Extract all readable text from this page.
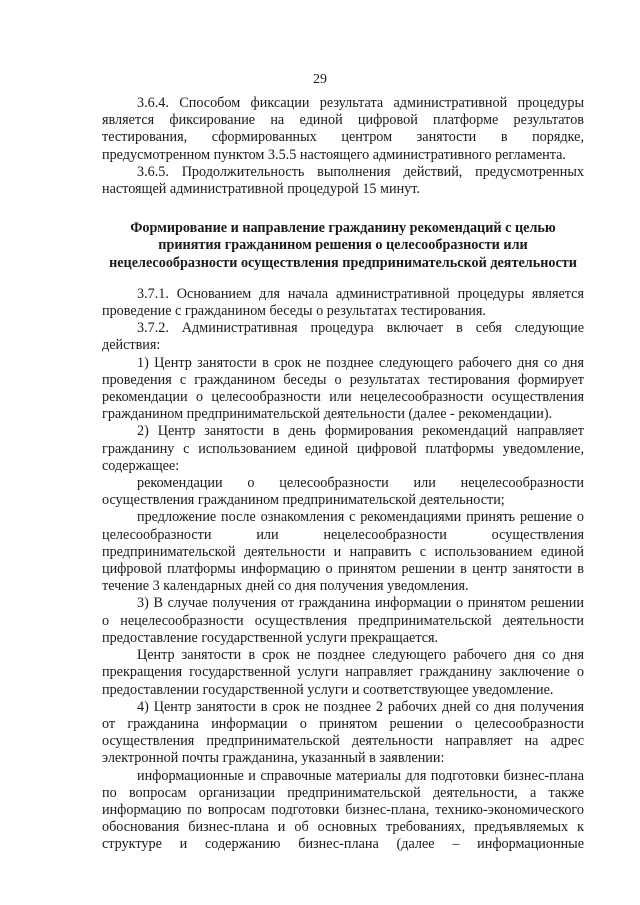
29

3.6.4. Способом фиксации результата административной процедуры является фиксирование на единой цифровой платформе результатов тестирования, сформированных центром занятости в порядке, предусмотренном пунктом 3.5.5 настоящего административного регламента.

3.6.5. Продолжительность выполнения действий, предусмотренных настоящей административной процедурой 15 минут.

Формирование и направление гражданину рекомендаций с целью принятия гражданином решения о целесообразности или нецелесообразности осуществления предпринимательской деятельности

3.7.1. Основанием для начала административной процедуры является проведение с гражданином беседы о результатах тестирования.

3.7.2. Административная процедура включает в себя следующие действия:

1) Центр занятости в срок не позднее следующего рабочего дня со дня проведения с гражданином беседы о результатах тестирования формирует рекомендации о целесообразности или нецелесообразности осуществления гражданином предпринимательской деятельности (далее - рекомендации).

2) Центр занятости в день формирования рекомендаций направляет гражданину с использованием единой цифровой платформы уведомление, содержащее:

рекомендации о целесообразности или нецелесообразности осуществления гражданином предпринимательской деятельности;

предложение после ознакомления с рекомендациями принять решение о целесообразности или нецелесообразности осуществления предпринимательской деятельности и направить с использованием единой цифровой платформы информацию о принятом решении в центр занятости в течение 3 календарных дней со дня получения уведомления.

3) В случае получения от гражданина информации о принятом решении о нецелесообразности осуществления предпринимательской деятельности предоставление государственной услуги прекращается.

Центр занятости в срок не позднее следующего рабочего дня со дня прекращения государственной услуги направляет гражданину заключение о предоставлении государственной услуги и соответствующее уведомление.

4) Центр занятости в срок не позднее 2 рабочих дней со дня получения от гражданина информации о принятом решении о целесообразности осуществления предпринимательской деятельности направляет на адрес электронной почты гражданина, указанный в заявлении:

информационные и справочные материалы для подготовки бизнес-плана по вопросам организации предпринимательской деятельности, а также информацию по вопросам подготовки бизнес-плана, технико-экономического обоснования бизнес-плана и об основных требованиях, предъявляемых к структуре и содержанию бизнес-плана (далее – информационные
